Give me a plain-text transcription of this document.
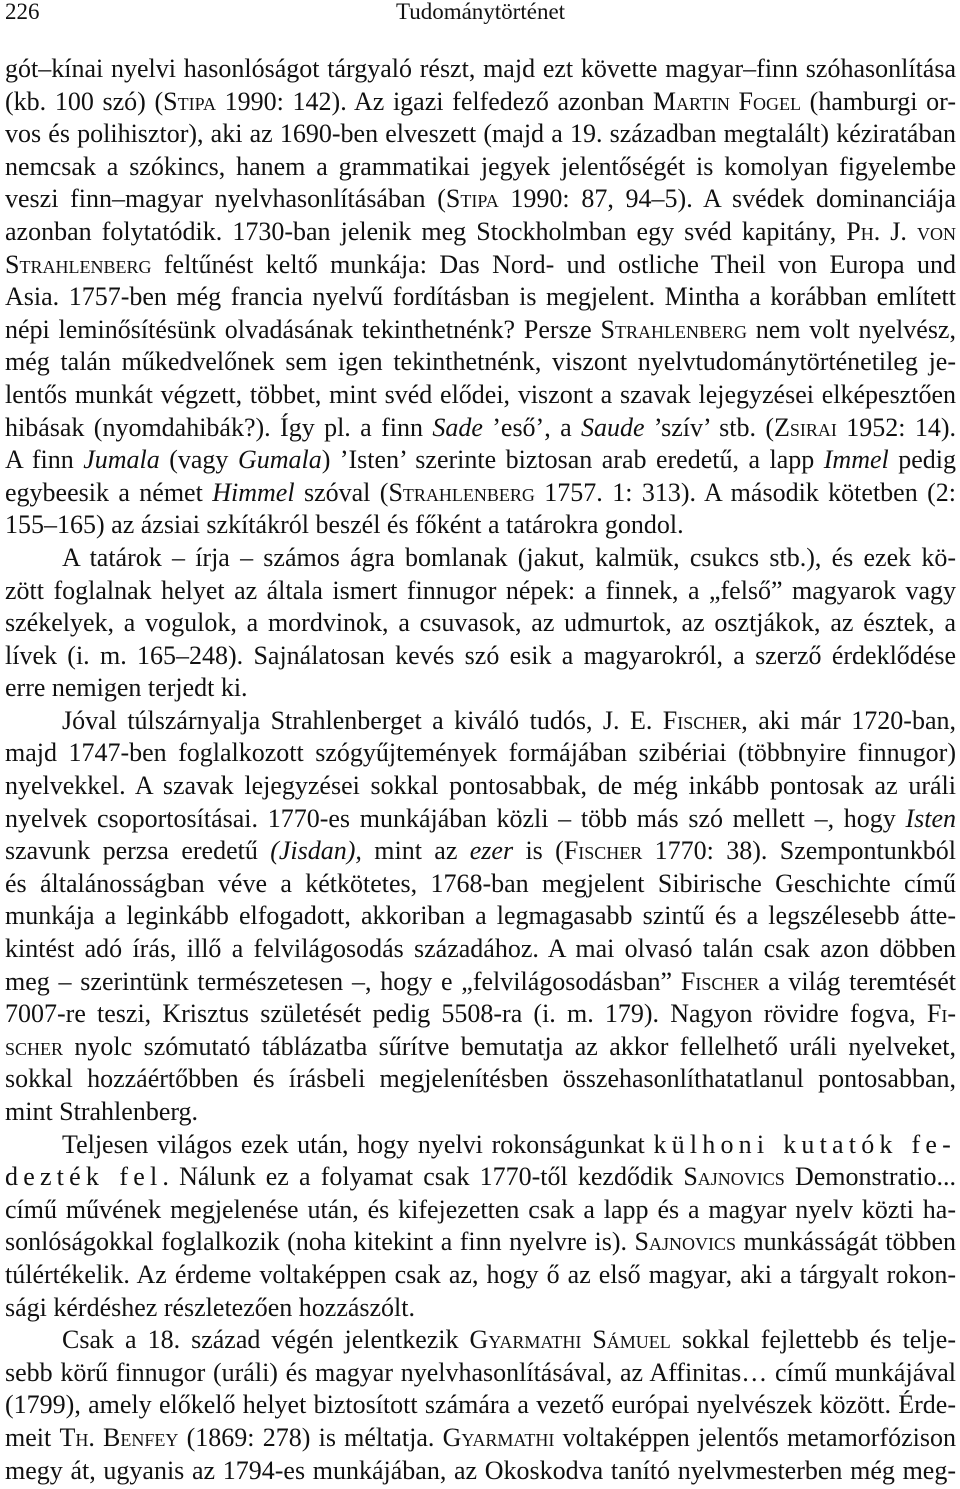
226	Tudománytörténet
gót–kínai nyelvi hasonlóságot tárgyaló részt, majd ezt követte magyar–finn szóhasonlítása
(kb. 100 szó) (Stipa 1990: 142). Az igazi felfedező azonban Martin Fogel (hamburgi or-
vos és polihisztor), aki az 1690-ben elveszett (majd a 19. században megtalált) kéziratában
nemcsak a szókincs, hanem a grammatikai jegyek jelentőségét is komolyan figyelembe
veszi finn–magyar nyelvhasonlításában (Stipa 1990: 87, 94–5). A svédek dominanciája
azonban folytatódik. 1730-ban jelenik meg Stockholmban egy svéd kapitány, Ph. J. von
Strahlenberg feltűnést keltő munkája: Das Nord- und ostliche Theil von Europa und
Asia. 1757-ben még francia nyelvű fordításban is megjelent. Mintha a korábban említett
népi leminősítésünk olvadásának tekinthetnénk? Persze Strahlenberg nem volt nyelvész,
még talán műkedvelőnek sem igen tekinthetnénk, viszont nyelvtudománytörténetileg je-
lentős munkát végzett, többet, mint svéd elődei, viszont a szavak lejegyzései elképesztően
hibásak (nyomdahibák?). Így pl. a finn Sade ’eső’, a Saude ’szív’ stb. (Zsirai 1952: 14).
A finn Jumala (vagy Gumala) ’Isten’ szerinte biztosan arab eredetű, a lapp Immel pedig
egybeesik a német Himmel szóval (Strahlenberg 1757. 1: 313). A második kötetben (2:
155–165) az ázsiai szkítákról beszél és főként a tatárokra gondol.
A tatárok – írja – számos ágra bomlanak (jakut, kalmük, csukcs stb.), és ezek kö-
zött foglalnak helyet az általa ismert finnugor népek: a finnek, a „felső” magyarok vagy
székelyek, a vogulok, a mordvinok, a csuvasok, az udmurtok, az osztjákok, az észtek, a
lívek (i. m. 165–248). Sajnálatosan kevés szó esik a magyarokról, a szerző érdeklődése
erre nemigen terjedt ki.
Jóval túlszárnyalja Strahlenberget a kiváló tudós, J. E. Fischer, aki már 1720-ban,
majd 1747-ben foglalkozott szógyűjtemények formájában szibériai (többnyire finnugor)
nyelvekkel. A szavak lejegyzései sokkal pontosabbak, de még inkább pontosak az uráli
nyelvek csoportosításai. 1770-es munkájában közli – több más szó mellett –, hogy Isten
szavunk perzsa eredetű (Jisdan), mint az ezer is (Fischer 1770: 38). Szempontunkból
és általánosságban véve a kétkötetes, 1768-ban megjelent Sibirische Geschichte című
munkája a leginkább elfogadott, akkoriban a legmagasabb szintű és a legszélesebb átte-
kintést adó írás, illő a felvilágosodás századához. A mai olvasó talán csak azon döbben
meg – szerintünk természetesen –, hogy e „felvilágosodásban” Fischer a világ teremtését
7007-re teszi, Krisztus születését pedig 5508-ra (i. m. 179). Nagyon rövidre fogva, Fi-
scher nyolc szómutató táblázatba sűrítve bemutatja az akkor fellelhető uráli nyelveket,
sokkal hozzáértőbben és írásbeli megjelenítésben összehasonlíthatatlanul pontosabban,
mint Strahlenberg.
Teljesen világos ezek után, hogy nyelvi rokonságunkat külhoni kutatók fe-
dezték fel. Nálunk ez a folyamat csak 1770-től kezdődik Sajnovics Demonstratio...
című művének megjelenése után, és kifejezetten csak a lapp és a magyar nyelv közti ha-
sonlóságokkal foglalkozik (noha kitekint a finn nyelvre is). Sajnovics munkásságát többen
túlértékelik. Az érdeme voltaképpen csak az, hogy ő az első magyar, aki a tárgyalt rokon-
sági kérdéshez részletezően hozzászólt.
Csak a 18. század végén jelentkezik Gyarmathi Sámuel sokkal fejlettebb és telje-
sebb körű finnugor (uráli) és magyar nyelvhasonlításával, az Affinitas… című munkájával
(1799), amely előkelő helyet biztosított számára a vezető európai nyelvészek között. Érde-
meit Th. Benfey (1869: 278) is méltatja. Gyarmathi voltaképpen jelentős metamorfózison
megy át, ugyanis az 1794-es munkájában, az Okoskodva tanító nyelvmesterben még meg-
